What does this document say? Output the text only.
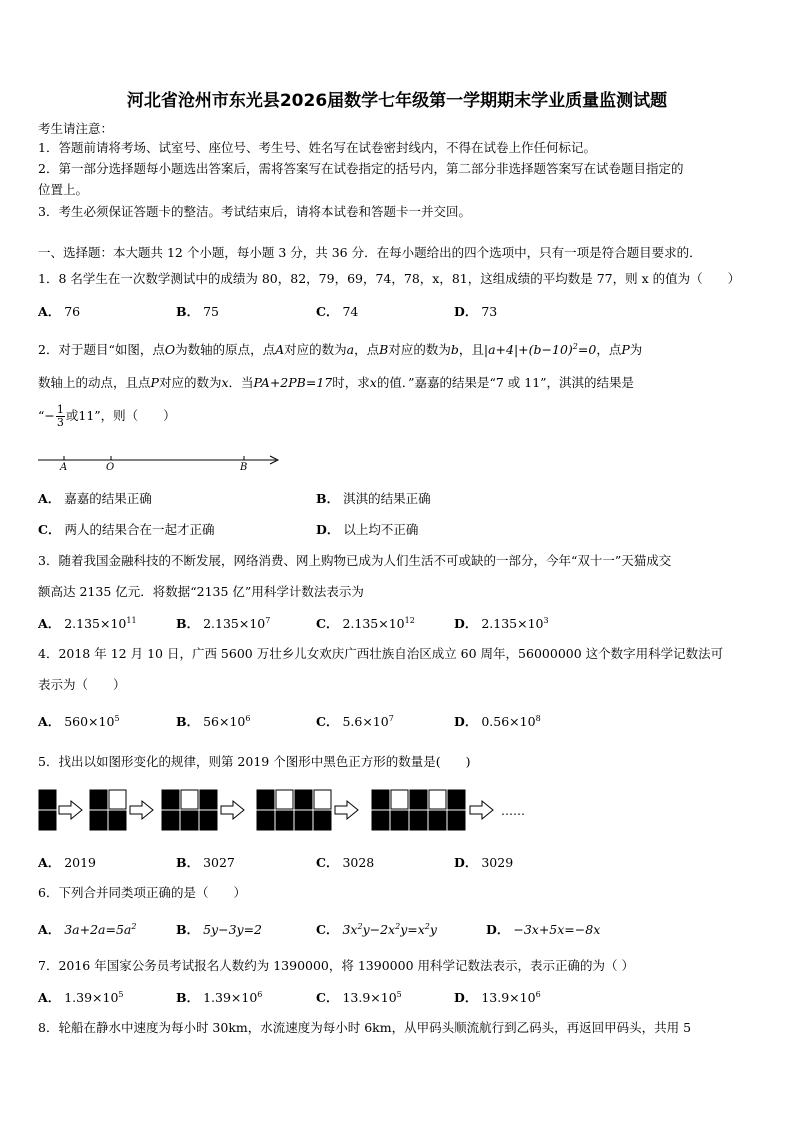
河北省沧州市东光县2026届数学七年级第一学期期末学业质量监测试题
考生请注意：
1．答题前请将考场、试室号、座位号、考生号、姓名写在试卷密封线内，不得在试卷上作任何标记。
2．第一部分选择题每小题选出答案后，需将答案写在试卷指定的括号内，第二部分非选择题答案写在试卷题目指定的
位置上。
3．考生必须保证答题卡的整洁。考试结束后，请将本试卷和答题卡一并交回。
一、选择题：本大题共 12 个小题，每小题 3 分，共 36 分．在每小题给出的四个选项中，只有一项是符合题目要求的．
1．8 名学生在一次数学测试中的成绩为 80，82，79，69，74，78，x，81，这组成绩的平均数是 77，则 x 的值为（　　）
A． 76	B． 75	C． 74	D． 73
2．对于题目“如图，点O为数轴的原点，点A对应的数为a，点B对应的数为b，且$|a+4|+(b-10)^2=0$，点P为
数轴上的动点，且点P对应的数为x．当PA+2PB=17时，求x的值．”嘉嘉的结果是“7 或 11”，淇淇的结果是
“− $\frac{1}{3}$ 或11”，则（　　）
A	O	B
A． 嘉嘉的结果正确	B． 淇淇的结果正确
C． 两人的结果合在一起才正确	D． 以上均不正确
3．随着我国金融科技的不断发展，网络消费、网上购物已成为人们生活不可或缺的一部分，今年“双十一”天猫成交
额高达 2135 亿元．将数据“2135 亿”用科学计数法表示为
A． $2.135\times 10^{11}$	B． $2.135\times 10^7$	C． $2.135\times 10^{12}$	D． $2.135\times 10^3$
4．2018 年 12 月 10 日，广西 5600 万壮乡儿女欢庆广西壮族自治区成立 60 周年，56000000 这个数字用科学记数法可
表示为（　　）
A． $560\times 10^5$	B． $56\times 10^6$	C． $5.6\times 10^7$	D． $0.56\times 10^8$
5．找出以如图形变化的规律，则第 2019 个图形中黑色正方形的数量是(　　)
……
A． 2019	B． 3027	C． 3028	D． 3029
6．下列合并同类项正确的是（　　）
A． $3a+2a=5a^2$	B． 5y−3y=2	C． $3x^2y-2x^2y=x^2y$	D． −3x+5x=−8x
7．2016 年国家公务员考试报名人数约为 1390000，将 1390000 用科学记数法表示，表示正确的为（ ）
A． $1.39\times 10^5$	B． $1.39\times 10^6$	C． $13.9\times 10^5$	D． $13.9\times 10^6$
8．轮船在静水中速度为每小时 30km，水流速度为每小时 6km，从甲码头顺流航行到乙码头，再返回甲码头，共用 5
